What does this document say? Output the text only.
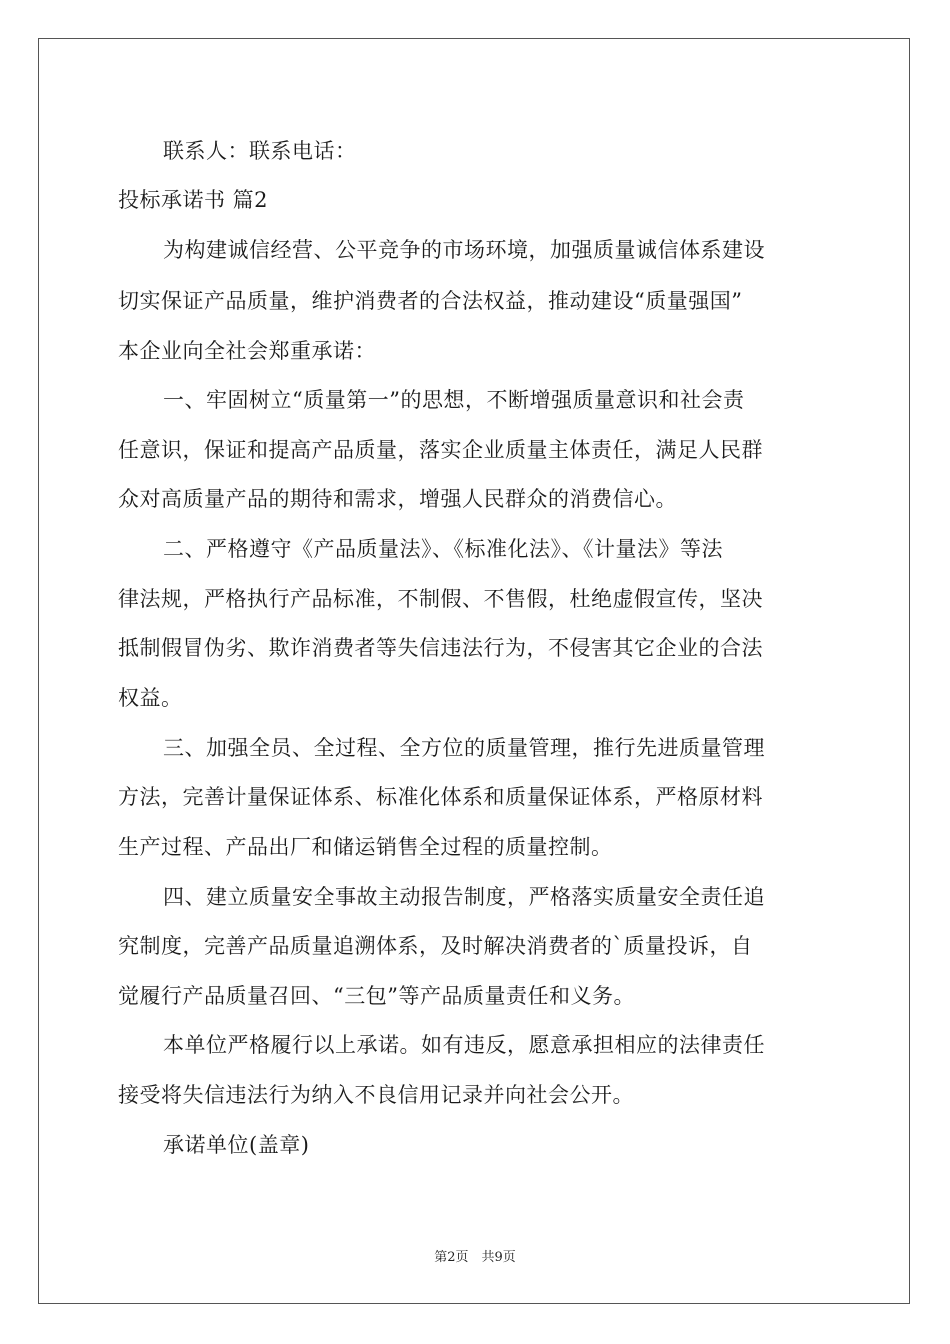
联系人：联系电话：
投标承诺书 篇2
为构建诚信经营、公平竞争的市场环境，加强质量诚信体系建设
切实保证产品质量，维护消费者的合法权益，推动建设“质量强国”
本企业向全社会郑重承诺：
一、牢固树立“质量第一”的思想，不断增强质量意识和社会责
任意识，保证和提高产品质量，落实企业质量主体责任，满足人民群
众对高质量产品的期待和需求，增强人民群众的消费信心。
二、严格遵守《产品质量法》、《标准化法》、《计量法》等法
律法规，严格执行产品标准，不制假、不售假，杜绝虚假宣传，坚决
抵制假冒伪劣、欺诈消费者等失信违法行为，不侵害其它企业的合法
权益。
三、加强全员、全过程、全方位的质量管理，推行先进质量管理
方法，完善计量保证体系、标准化体系和质量保证体系，严格原材料
生产过程、产品出厂和储运销售全过程的质量控制。
四、建立质量安全事故主动报告制度，严格落实质量安全责任追
究制度，完善产品质量追溯体系，及时解决消费者的`质量投诉，自
觉履行产品质量召回、“三包”等产品质量责任和义务。
本单位严格履行以上承诺。如有违反，愿意承担相应的法律责任
接受将失信违法行为纳入不良信用记录并向社会公开。
承诺单位(盖章)
第2页　共9页
